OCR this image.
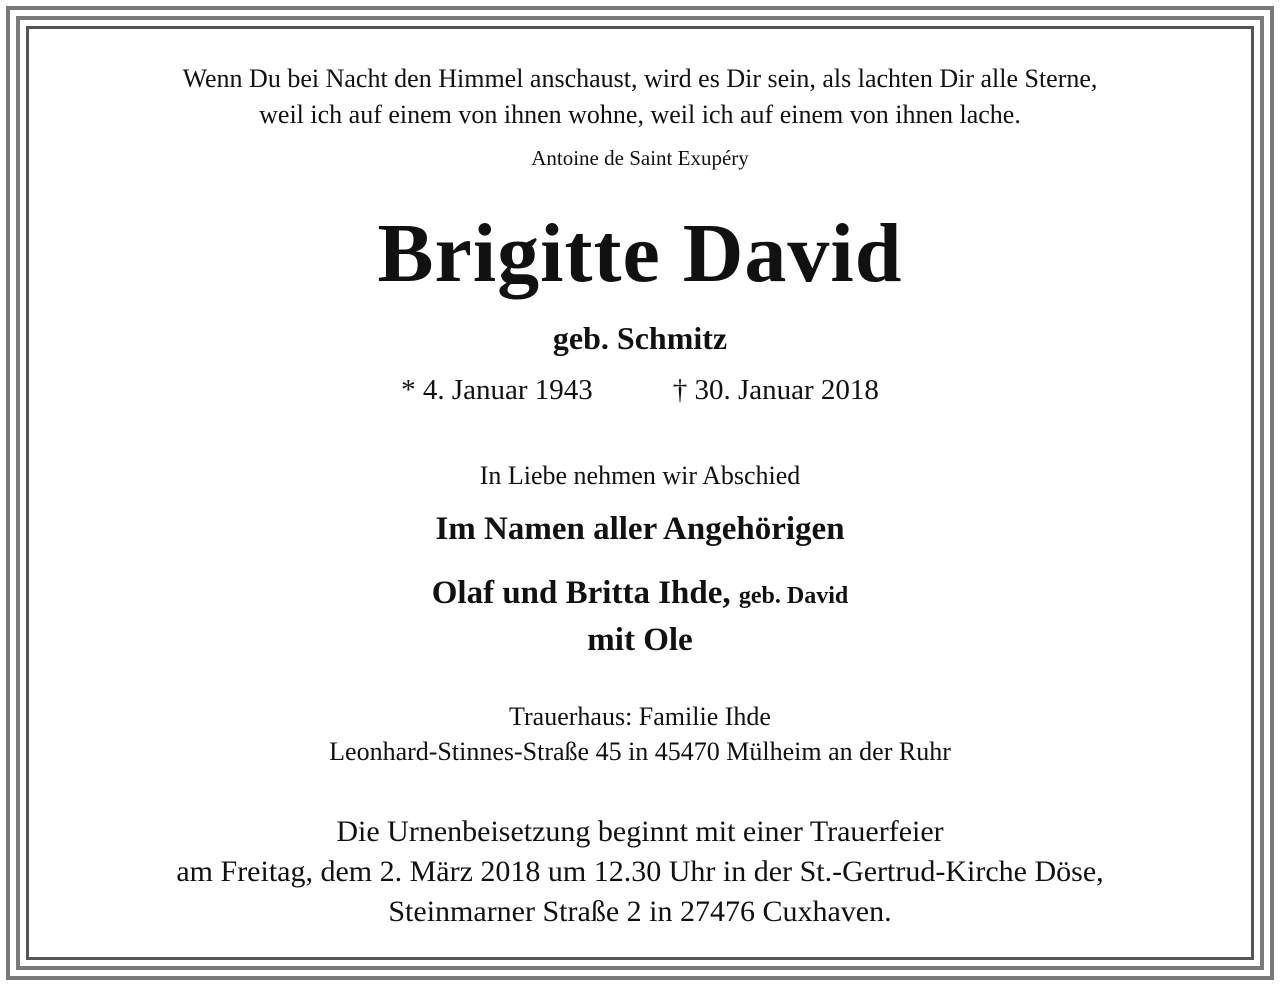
Wenn Du bei Nacht den Himmel anschaust, wird es Dir sein, als lachten Dir alle Sterne,
weil ich auf einem von ihnen wohne, weil ich auf einem von ihnen lache.
Antoine de Saint Exupéry
Brigitte David
geb. Schmitz
* 4. Januar 1943	† 30. Januar 2018
In Liebe nehmen wir Abschied
Im Namen aller Angehörigen
Olaf und Britta Ihde, geb. David
mit Ole
Trauerhaus: Familie Ihde
Leonhard-Stinnes-Straße 45 in 45470 Mülheim an der Ruhr
Die Urnenbeisetzung beginnt mit einer Trauerfeier
am Freitag, dem 2. März 2018 um 12.30 Uhr in der St.-Gertrud-Kirche Döse,
Steinmarner Straße 2 in 27476 Cuxhaven.
